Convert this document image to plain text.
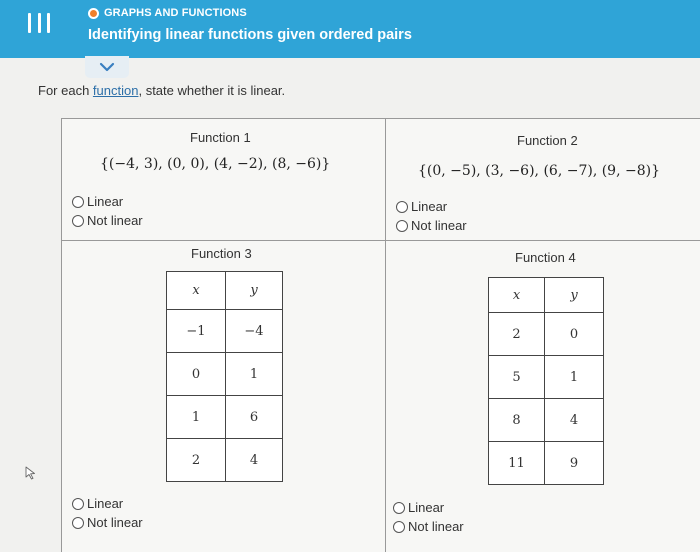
GRAPHS AND FUNCTIONS
Identifying linear functions given ordered pairs
For each function, state whether it is linear.
Function 1
{(−4, 3), (0, 0), (4, −2), (8, −6)}
Linear
Not linear
Function 2
{(0, −5), (3, −6), (6, −7), (9, −8)}
Linear
Not linear
Function 3
x	y
−1	−4
0	1
1	6
2	4
Linear
Not linear
Function 4
x	y
2	0
5	1
8	4
11	9
Linear
Not linear
